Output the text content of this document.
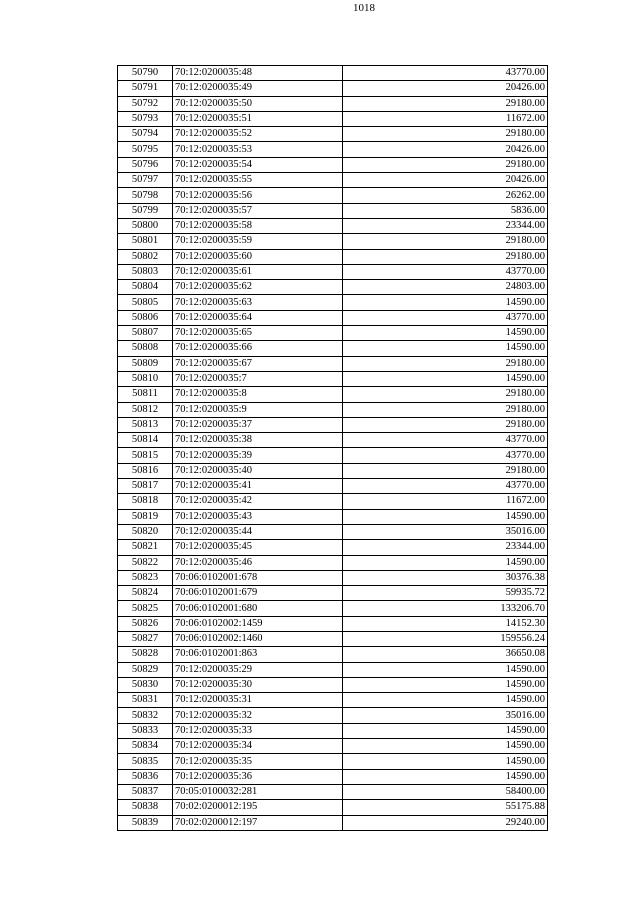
1018
50790	70:12:0200035:48	43770.00
50791	70:12:0200035:49	20426.00
50792	70:12:0200035:50	29180.00
50793	70:12:0200035:51	11672.00
50794	70:12:0200035:52	29180.00
50795	70:12:0200035:53	20426.00
50796	70:12:0200035:54	29180.00
50797	70:12:0200035:55	20426.00
50798	70:12:0200035:56	26262.00
50799	70:12:0200035:57	5836.00
50800	70:12:0200035:58	23344.00
50801	70:12:0200035:59	29180.00
50802	70:12:0200035:60	29180.00
50803	70:12:0200035:61	43770.00
50804	70:12:0200035:62	24803.00
50805	70:12:0200035:63	14590.00
50806	70:12:0200035:64	43770.00
50807	70:12:0200035:65	14590.00
50808	70:12:0200035:66	14590.00
50809	70:12:0200035:67	29180.00
50810	70:12:0200035:7	14590.00
50811	70:12:0200035:8	29180.00
50812	70:12:0200035:9	29180.00
50813	70:12:0200035:37	29180.00
50814	70:12:0200035:38	43770.00
50815	70:12:0200035:39	43770.00
50816	70:12:0200035:40	29180.00
50817	70:12:0200035:41	43770.00
50818	70:12:0200035:42	11672.00
50819	70:12:0200035:43	14590.00
50820	70:12:0200035:44	35016.00
50821	70:12:0200035:45	23344.00
50822	70:12:0200035:46	14590.00
50823	70:06:0102001:678	30376.38
50824	70:06:0102001:679	59935.72
50825	70:06:0102001:680	133206.70
50826	70:06:0102002:1459	14152.30
50827	70:06:0102002:1460	159556.24
50828	70:06:0102001:863	36650.08
50829	70:12:0200035:29	14590.00
50830	70:12:0200035:30	14590.00
50831	70:12:0200035:31	14590.00
50832	70:12:0200035:32	35016.00
50833	70:12:0200035:33	14590.00
50834	70:12:0200035:34	14590.00
50835	70:12:0200035:35	14590.00
50836	70:12:0200035:36	14590.00
50837	70:05:0100032:281	58400.00
50838	70:02:0200012:195	55175.88
50839	70:02:0200012:197	29240.00
